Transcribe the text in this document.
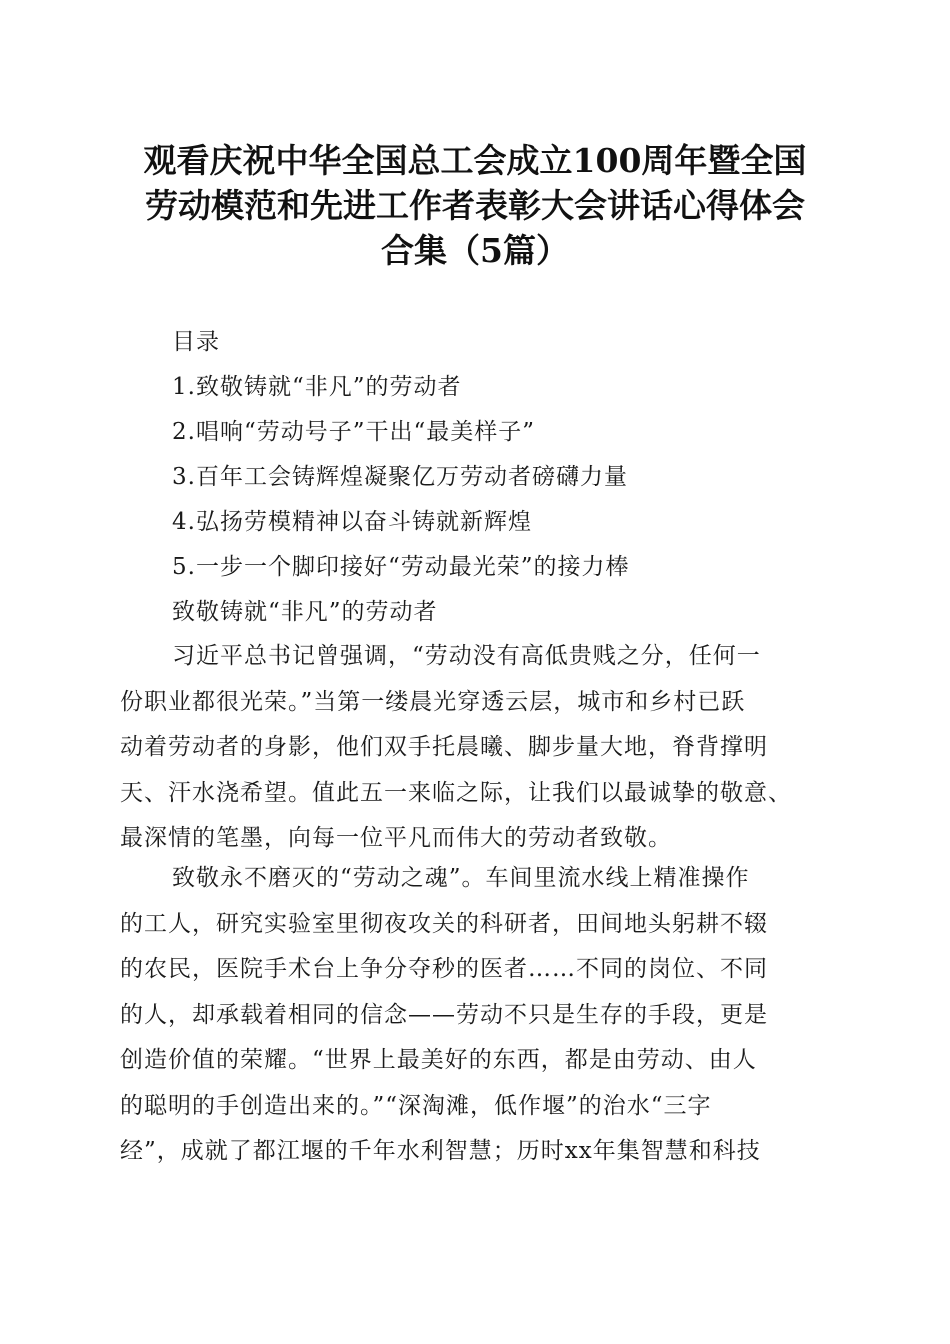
观看庆祝中华全国总工会成立100周年暨全国
劳动模范和先进工作者表彰大会讲话心得体会
合集（5篇）
目录
1.致敬铸就“非凡”的劳动者
2.唱响“劳动号子”干出“最美样子”
3.百年工会铸辉煌凝聚亿万劳动者磅礴力量
4.弘扬劳模精神以奋斗铸就新辉煌
5.一步一个脚印接好“劳动最光荣”的接力棒
致敬铸就“非凡”的劳动者
习近平总书记曾强调，“劳动没有高低贵贱之分，任何一
份职业都很光荣。”当第一缕晨光穿透云层，城市和乡村已跃
动着劳动者的身影，他们双手托晨曦、脚步量大地，脊背撑明
天、汗水浇希望。值此五一来临之际，让我们以最诚挚的敬意、
最深情的笔墨，向每一位平凡而伟大的劳动者致敬。
致敬永不磨灭的“劳动之魂”。车间里流水线上精准操作
的工人，研究实验室里彻夜攻关的科研者，田间地头躬耕不辍
的农民，医院手术台上争分夺秒的医者……不同的岗位、不同
的人，却承载着相同的信念——劳动不只是生存的手段，更是
创造价值的荣耀。“世界上最美好的东西，都是由劳动、由人
的聪明的手创造出来的。”“深淘滩，低作堰”的治水“三字
经”，成就了都江堰的千年水利智慧；历时xx年集智慧和科技
